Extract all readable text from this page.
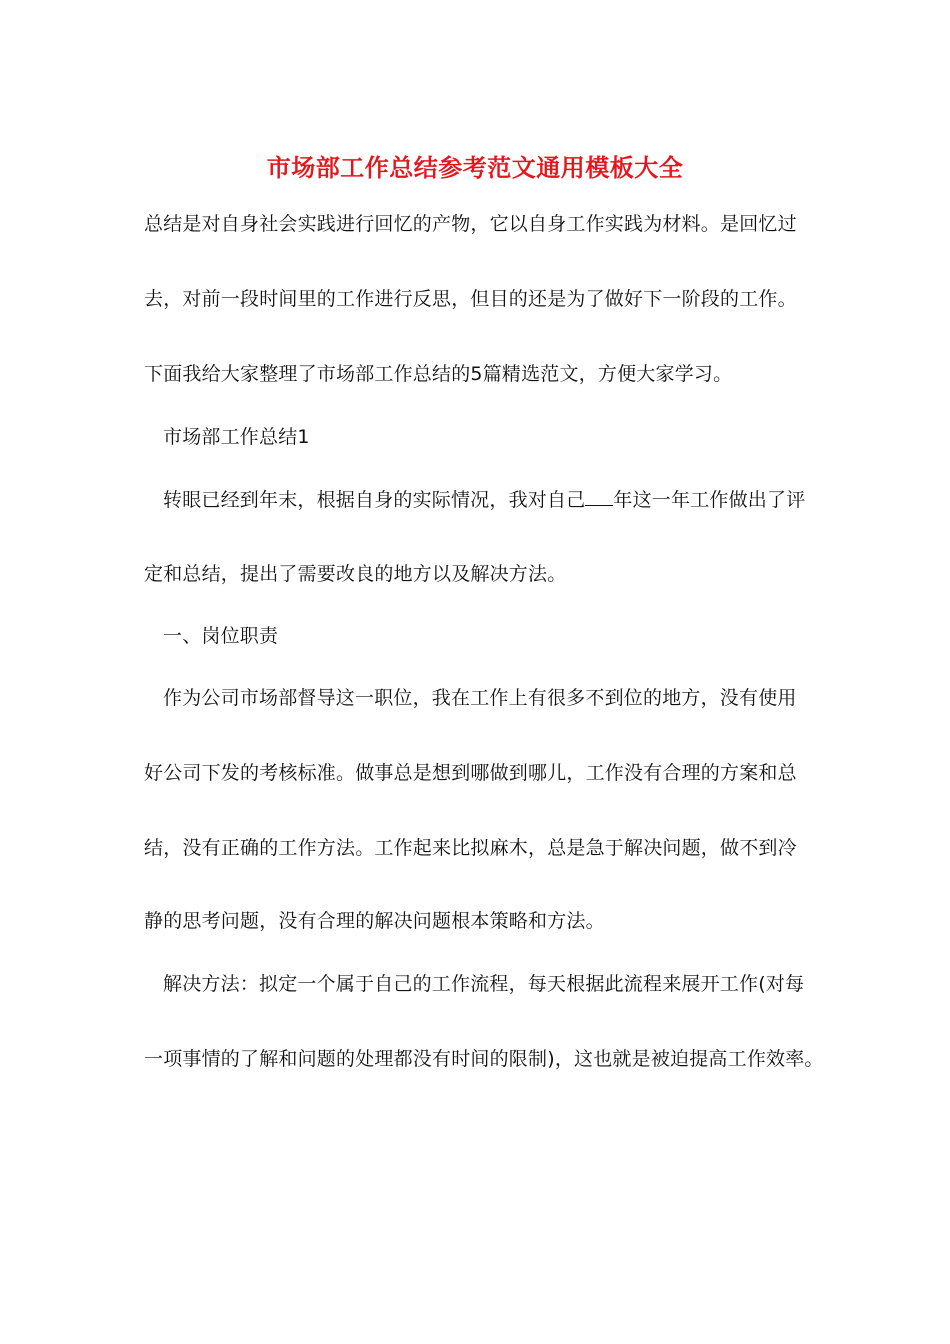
市场部工作总结参考范文通用模板大全
总结是对自身社会实践进行回忆的产物，它以自身工作实践为材料。是回忆过
去，对前一段时间里的工作进行反思，但目的还是为了做好下一阶段的工作。
下面我给大家整理了市场部工作总结的5篇精选范文，方便大家学习。
市场部工作总结1
转眼已经到年末，根据自身的实际情况，我对自己 年这一年工作做出了评
定和总结，提出了需要改良的地方以及解决方法。
一、岗位职责
作为公司市场部督导这一职位，我在工作上有很多不到位的地方，没有使用
好公司下发的考核标准。做事总是想到哪做到哪儿，工作没有合理的方案和总
结，没有正确的工作方法。工作起来比拟麻木，总是急于解决问题，做不到冷
静的思考问题，没有合理的解决问题根本策略和方法。
解决方法：拟定一个属于自己的工作流程，每天根据此流程来展开工作(对每
一项事情的了解和问题的处理都没有时间的限制)，这也就是被迫提高工作效率。
